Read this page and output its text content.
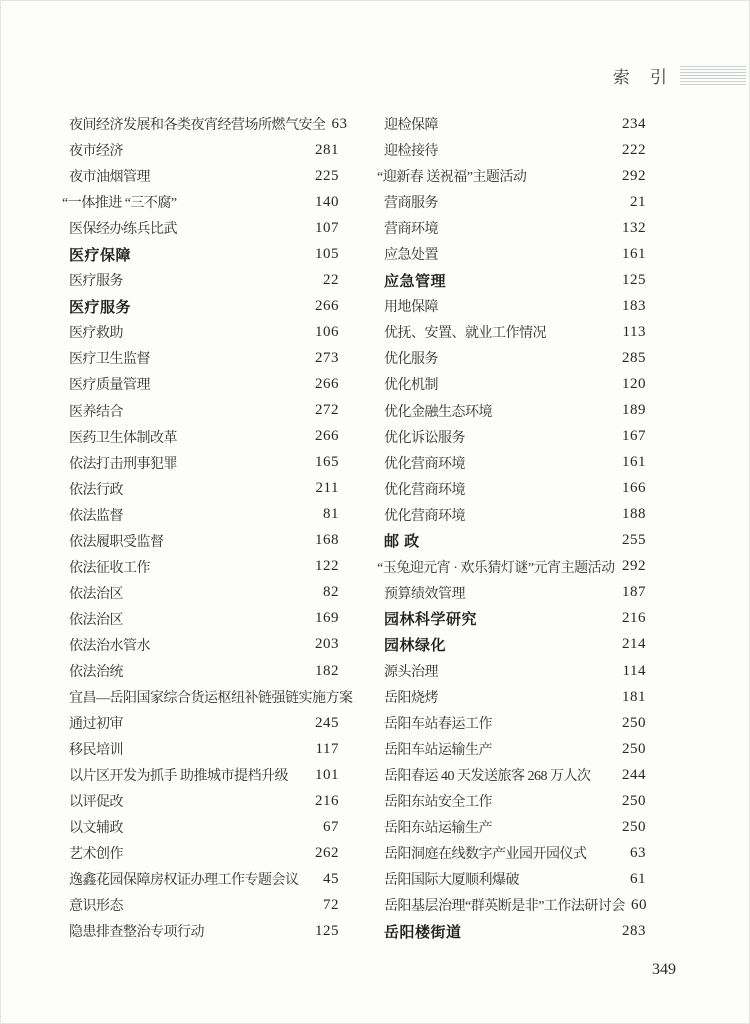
索 引
夜间经济发展和各类夜宵经营场所燃气安全 63
夜市经济	281
夜市油烟管理	225
“一体推进 “三不腐”	140
医保经办练兵比武	107
医疗保障	105
医疗服务	22
医疗服务	266
医疗救助	106
医疗卫生监督	273
医疗质量管理	266
医养结合	272
医药卫生体制改革	266
依法打击刑事犯罪	165
依法行政	211
依法监督	81
依法履职受监督	168
依法征收工作	122
依法治区	82
依法治区	169
依法治水管水	203
依法治统	182
宜昌—岳阳国家综合货运枢纽补链强链实施方案
通过初审	245
移民培训	117
以片区开发为抓手 助推城市提档升级	101
以评促改	216
以文辅政	67
艺术创作	262
逸鑫花园保障房权证办理工作专题会议	45
意识形态	72
隐患排查整治专项行动	125
迎检保障	234
迎检接待	222
“迎新春 送祝福”主题活动	292
营商服务	21
营商环境	132
应急处置	161
应急管理	125
用地保障	183
优抚、安置、就业工作情况	113
优化服务	285
优化机制	120
优化金融生态环境	189
优化诉讼服务	167
优化营商环境	161
优化营商环境	166
优化营商环境	188
邮 政	255
“玉兔迎元宵 · 欢乐猜灯谜”元宵主题活动 292
预算绩效管理	187
园林科学研究	216
园林绿化	214
源头治理	114
岳阳烧烤	181
岳阳车站春运工作	250
岳阳车站运输生产	250
岳阳春运 40 天发送旅客 268 万人次	244
岳阳东站安全工作	250
岳阳东站运输生产	250
岳阳洞庭在线数字产业园开园仪式	63
岳阳国际大厦顺利爆破	61
岳阳基层治理“群英断是非”工作法研讨会 60
岳阳楼街道	283
349
